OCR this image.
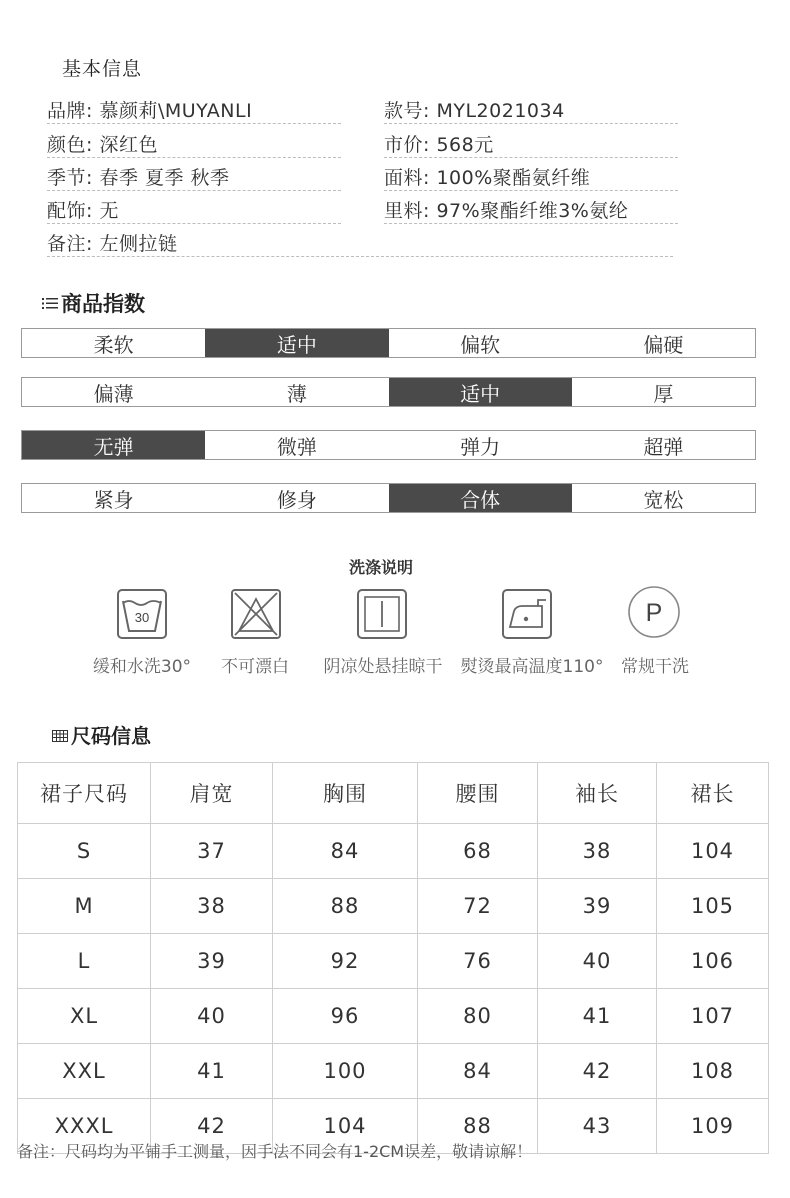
基本信息
品牌: 慕颜莉\MUYANLI
颜色: 深红色
季节: 春季 夏季 秋季
配饰: 无
备注: 左侧拉链
款号: MYL2021034
市价: 568元
面料: 100%聚酯氨纤维
里料: 97%聚酯纤维3%氨纶
商品指数
柔软	适中	偏软	偏硬
偏薄	薄	适中	厚
无弹	微弹	弹力	超弹
紧身	修身	合体	宽松
洗涤说明
30	P
缓和水洗30°	不可漂白	阴凉处悬挂晾干	熨烫最高温度110°	常规干洗
尺码信息
裙子尺码	肩宽	胸围	腰围	袖长	裙长
S	37	84	68	38	104
M	38	88	72	39	105
L	39	92	76	40	106
XL	40	96	80	41	107
XXL	41	100	84	42	108
XXXL	42	104	88	43	109
备注：尺码均为平铺手工测量，因手法不同会有1-2CM误差，敬请谅解！
